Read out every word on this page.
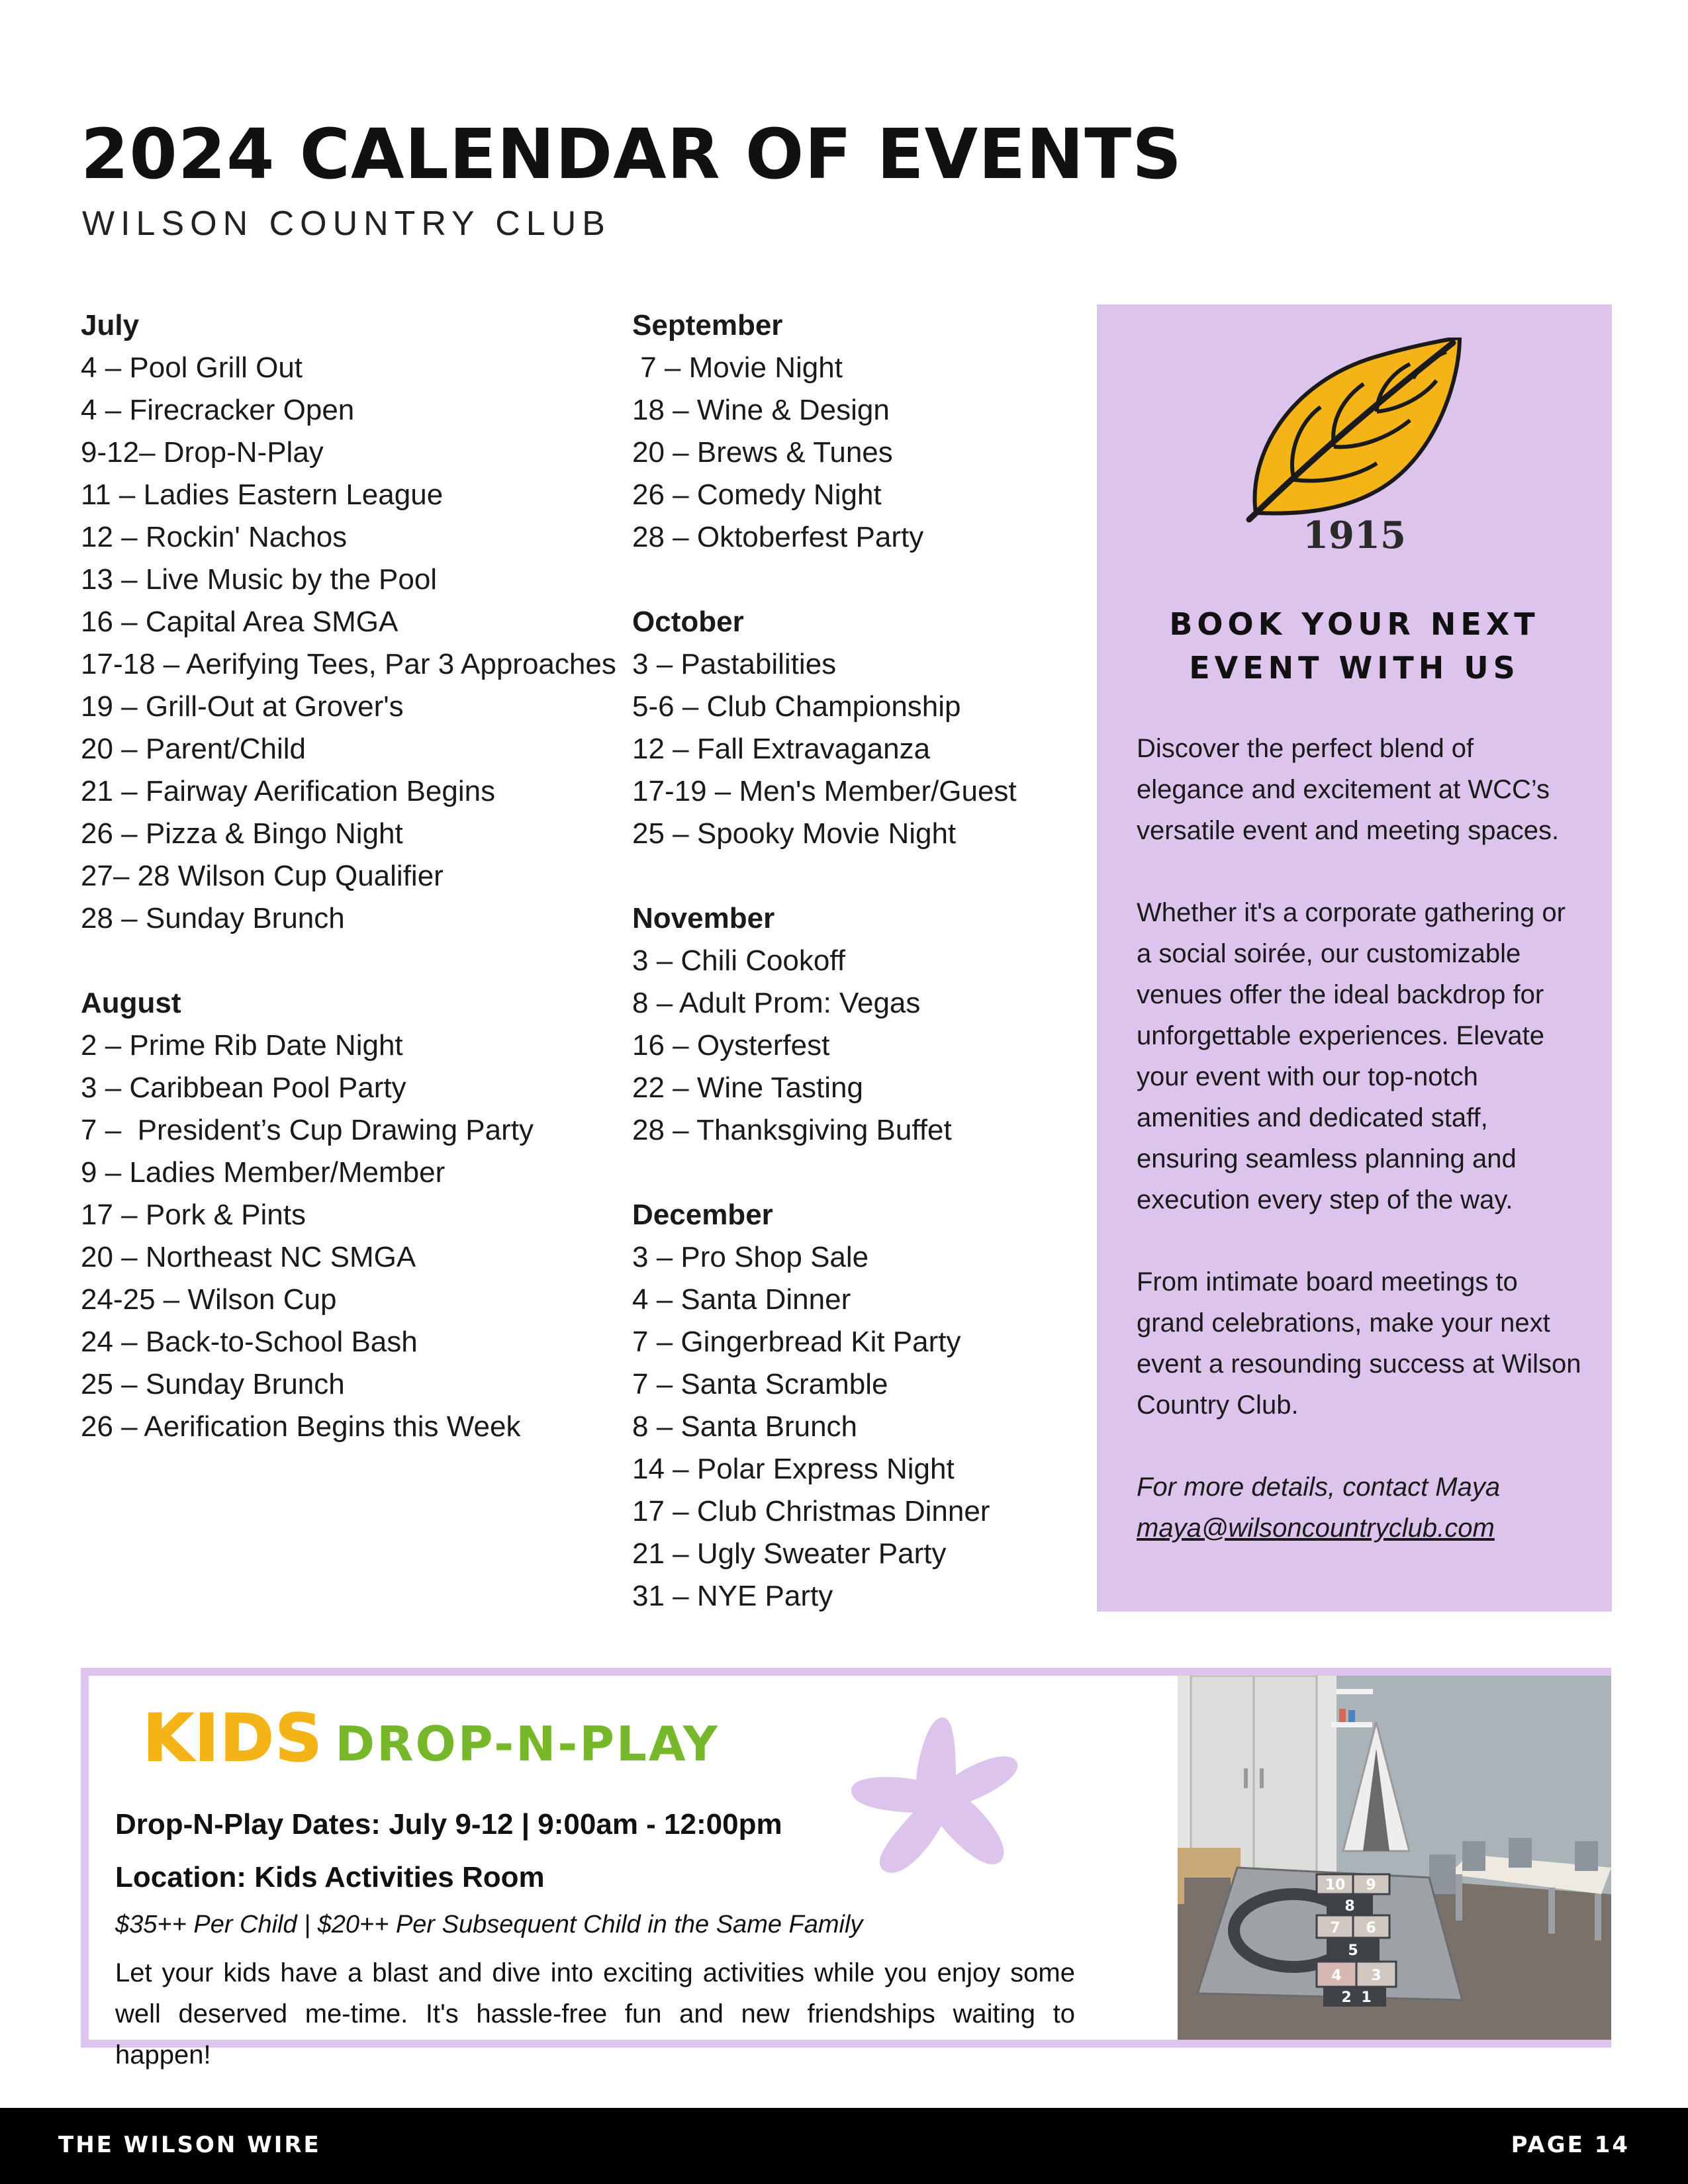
2024 CALENDAR OF EVENTS
WILSON COUNTRY CLUB
July
4 – Pool Grill Out
4 – Firecracker Open
9-12– Drop-N-Play
11 – Ladies Eastern League
12 – Rockin' Nachos
13 – Live Music by the Pool
16 – Capital Area SMGA
17-18 – Aerifying Tees, Par 3 Approaches
19 – Grill-Out at Grover's
20 – Parent/Child
21 – Fairway Aerification Begins
26 – Pizza & Bingo Night
27– 28 Wilson Cup Qualifier
28 – Sunday Brunch
August
2 – Prime Rib Date Night
3 – Caribbean Pool Party
7 –  President’s Cup Drawing Party
9 – Ladies Member/Member
17 – Pork & Pints
20 – Northeast NC SMGA
24-25 – Wilson Cup
24 – Back-to-School Bash
25 – Sunday Brunch
26 – Aerification Begins this Week
September
7 – Movie Night
18 – Wine & Design
20 – Brews & Tunes
26 – Comedy Night
28 – Oktoberfest Party
October
3 – Pastabilities
5-6 – Club Championship
12 – Fall Extravaganza
17-19 – Men's Member/Guest
25 – Spooky Movie Night
November
3 – Chili Cookoff
8 – Adult Prom: Vegas
16 – Oysterfest
22 – Wine Tasting
28 – Thanksgiving Buffet
December
3 – Pro Shop Sale
4 – Santa Dinner
7 – Gingerbread Kit Party
7 – Santa Scramble
8 – Santa Brunch
14 – Polar Express Night
17 – Club Christmas Dinner
21 – Ugly Sweater Party
31 – NYE Party
1915
BOOK YOUR NEXT
EVENT WITH US

Discover the perfect blend of elegance and excitement at WCC’s versatile event and meeting spaces.

Whether it's a corporate gathering or a social soirée, our customizable venues offer the ideal backdrop for unforgettable experiences. Elevate your event with our top-notch amenities and dedicated staff, ensuring seamless planning and execution every step of the way.

From intimate board meetings to grand celebrations, make your next event a resounding success at Wilson Country Club.

For more details, contact Maya
maya@wilsoncountryclub.com
KIDS DROP-N-PLAY
Drop-N-Play Dates: July 9-12 | 9:00am - 12:00pm
Location: Kids Activities Room
$35++ Per Child | $20++ Per Subsequent Child in the Same Family
Let your kids have a blast and dive into exciting activities while you enjoy some well deserved me-time. It's hassle-free fun and new friendships waiting to happen!
10 9
8
7 6
5
4 3
2 1
THE WILSON WIRE	PAGE 14
